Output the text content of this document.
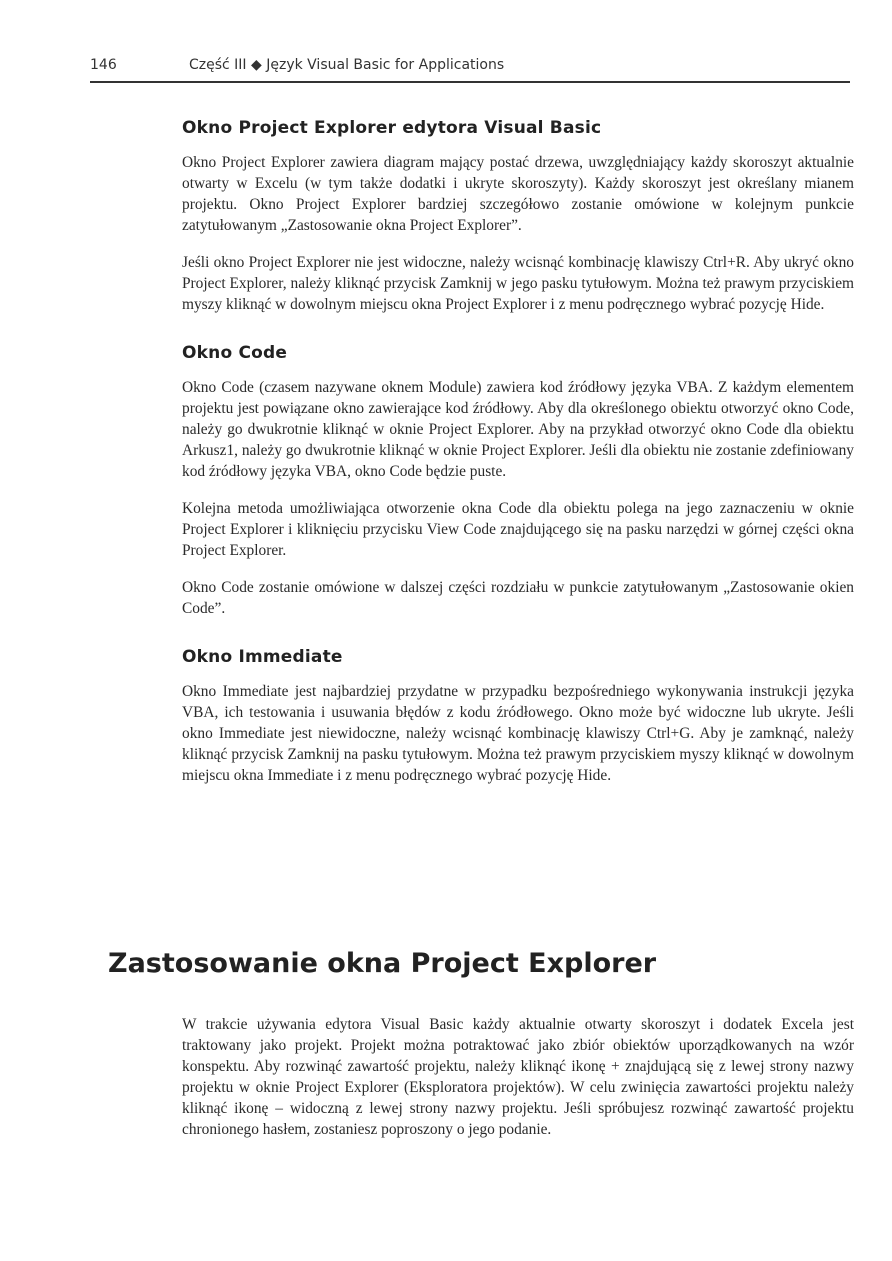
146	Część III ◆ Język Visual Basic for Applications
Okno Project Explorer edytora Visual Basic

Okno Project Explorer zawiera diagram mający postać drzewa, uwzględniający każdy skoroszyt aktualnie otwarty w Excelu (w tym także dodatki i ukryte skoroszyty). Każdy skoroszyt jest określany mianem projektu. Okno Project Explorer bardziej szczegółowo zostanie omówione w kolejnym punkcie zatytułowanym „Zastosowanie okna Project Explorer”.

Jeśli okno Project Explorer nie jest widoczne, należy wcisnąć kombinację klawiszy Ctrl+R. Aby ukryć okno Project Explorer, należy kliknąć przycisk Zamknij w jego pasku tytułowym. Można też prawym przyciskiem myszy kliknąć w dowolnym miejscu okna Project Explorer i z menu podręcznego wybrać pozycję Hide.

Okno Code

Okno Code (czasem nazywane oknem Module) zawiera kod źródłowy języka VBA. Z każdym elementem projektu jest powiązane okno zawierające kod źródłowy. Aby dla określonego obiektu otworzyć okno Code, należy go dwukrotnie kliknąć w oknie Project Explorer. Aby na przykład otworzyć okno Code dla obiektu Arkusz1, należy go dwukrotnie kliknąć w oknie Project Explorer. Jeśli dla obiektu nie zostanie zdefiniowany kod źródłowy języka VBA, okno Code będzie puste.

Kolejna metoda umożliwiająca otworzenie okna Code dla obiektu polega na jego zaznaczeniu w oknie Project Explorer i kliknięciu przycisku View Code znajdującego się na pasku narzędzi w górnej części okna Project Explorer.

Okno Code zostanie omówione w dalszej części rozdziału w punkcie zatytułowanym „Zastosowanie okien Code”.

Okno Immediate

Okno Immediate jest najbardziej przydatne w przypadku bezpośredniego wykonywania instrukcji języka VBA, ich testowania i usuwania błędów z kodu źródłowego. Okno może być widoczne lub ukryte. Jeśli okno Immediate jest niewidoczne, należy wcisnąć kombinację klawiszy Ctrl+G. Aby je zamknąć, należy kliknąć przycisk Zamknij na pasku tytułowym. Można też prawym przyciskiem myszy kliknąć w dowolnym miejscu okna Immediate i z menu podręcznego wybrać pozycję Hide.

Zastosowanie okna Project Explorer

W trakcie używania edytora Visual Basic każdy aktualnie otwarty skoroszyt i dodatek Excela jest traktowany jako projekt. Projekt można potraktować jako zbiór obiektów uporządkowanych na wzór konspektu. Aby rozwinąć zawartość projektu, należy kliknąć ikonę + znajdującą się z lewej strony nazwy projektu w oknie Project Explorer (Eksploratora projektów). W celu zwinięcia zawartości projektu należy kliknąć ikonę – widoczną z lewej strony nazwy projektu. Jeśli spróbujesz rozwinąć zawartość projektu chronionego hasłem, zostaniesz poproszony o jego podanie.
